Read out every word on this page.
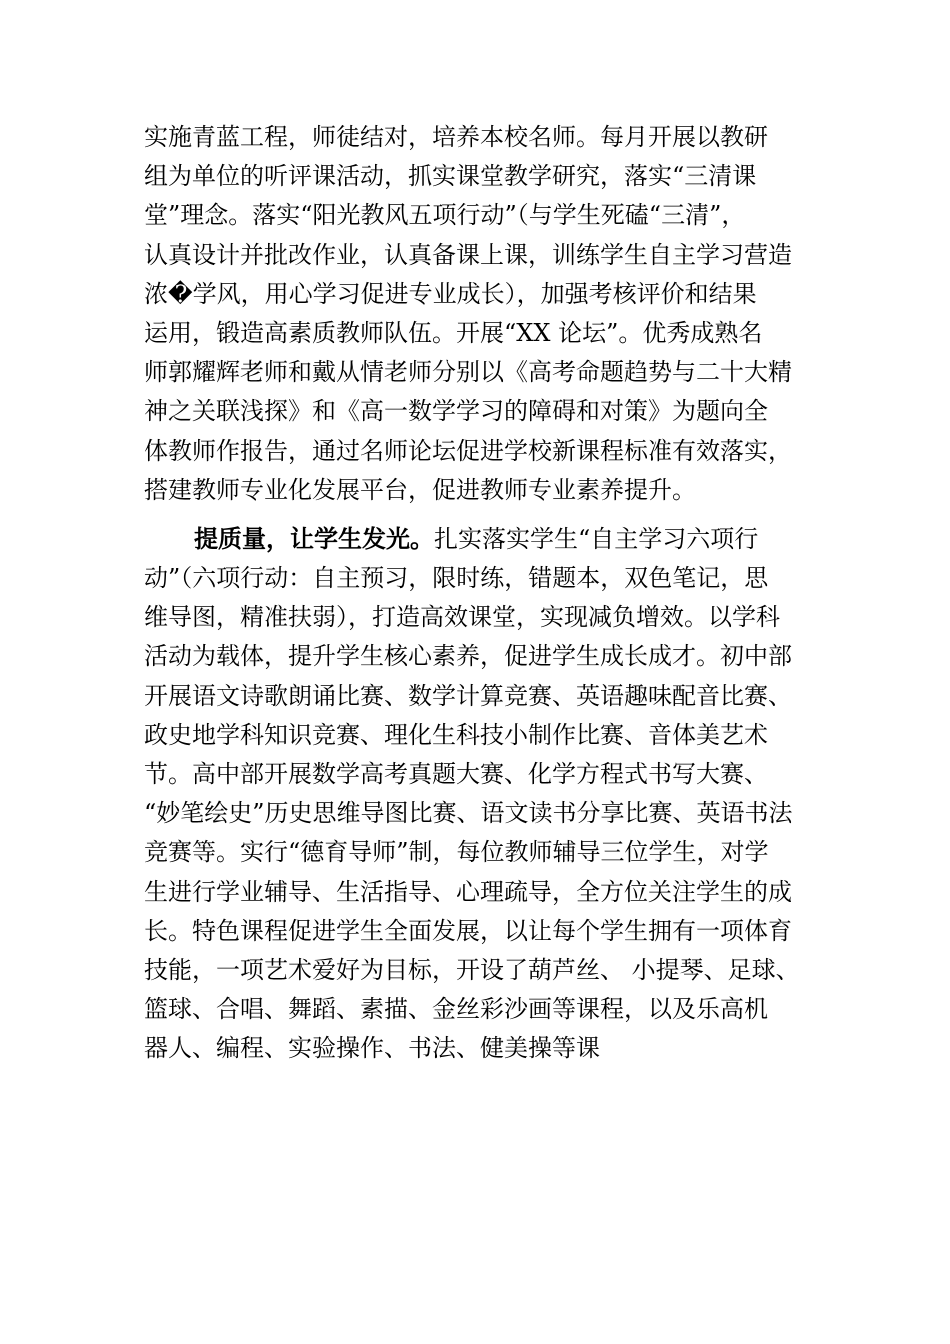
实施青蓝工程，师徒结对，培养本校名师。每月开展以教研
组为单位的听评课活动，抓实课堂教学研究，落实“三清课
堂”理念。落实“阳光教风五项行动”（与学生死磕“三清”，
认真设计并批改作业，认真备课上课，训练学生自主学习营造
浓�学风，用心学习促进专业成长），加强考核评价和结果
运用，锻造高素质教师队伍。开展“XX 论坛”。优秀成熟名
师郭耀辉老师和戴从情老师分别以《高考命题趋势与二十大精
神之关联浅探》和《高一数学学习的障碍和对策》为题向全
体教师作报告，通过名师论坛促进学校新课程标准有效落实，
搭建教师专业化发展平台，促进教师专业素养提升。
提质量，让学生发光。扎实落实学生“自主学习六项行
动”（六项行动：自主预习，限时练，错题本，双色笔记，思
维导图，精准扶弱），打造高效课堂，实现减负增效。以学科
活动为载体，提升学生核心素养，促进学生成长成才。初中部
开展语文诗歌朗诵比赛、数学计算竞赛、英语趣味配音比赛、
政史地学科知识竞赛、理化生科技小制作比赛、音体美艺术
节。高中部开展数学高考真题大赛、化学方程式书写大赛、
“妙笔绘史”历史思维导图比赛、语文读书分享比赛、英语书法
竞赛等。实行“德育导师”制，每位教师辅导三位学生，对学
生进行学业辅导、生活指导、心理疏导，全方位关注学生的成
长。特色课程促进学生全面发展，以让每个学生拥有一项体育
技能，一项艺术爱好为目标，开设了葫芦丝、 小提琴、足球、
篮球、合唱、舞蹈、素描、金丝彩沙画等课程，以及乐高机
器人、编程、实验操作、书法、健美操等课
